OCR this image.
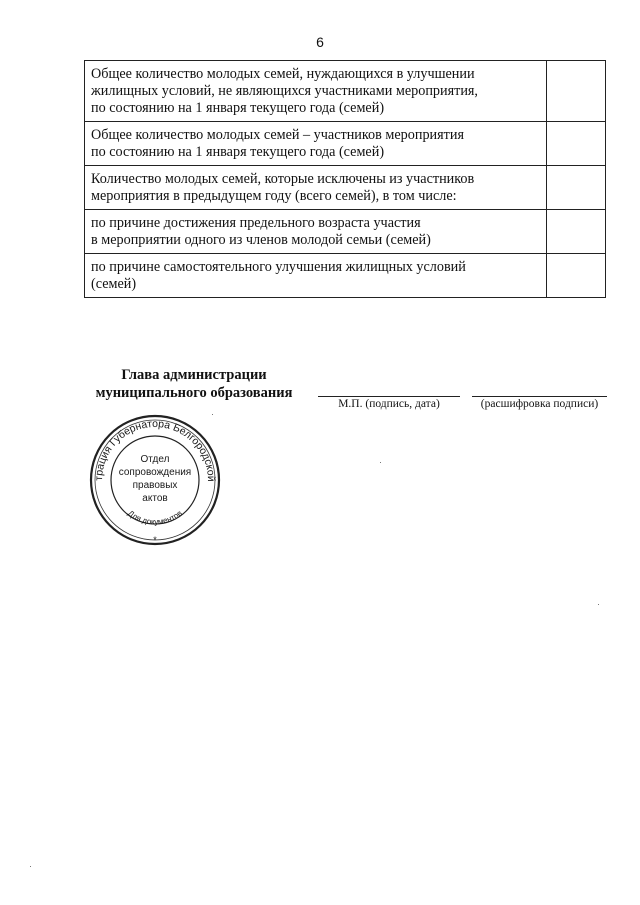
6
Общее количество молодых семей, нуждающихся в улучшении
жилищных условий, не являющихся участниками мероприятия,
по состоянию на 1 января текущего года (семей)	
Общее количество молодых семей – участников мероприятия
по состоянию на 1 января текущего года (семей)	
Количество молодых семей, которые исключены из участников
мероприятия в предыдущем году (всего семей), в том числе:	
по причине достижения предельного возраста участия
в мероприятии одного из членов молодой семьи (семей)	
по причине самостоятельного улучшения жилищных условий
(семей)	
Глава администрации
муниципального образования
М.П. (подпись, дата)	(расшифровка подписи)
трация Губернатора Белгородской
Для документов
Отдел
сопровождения
правовых
актов
*
